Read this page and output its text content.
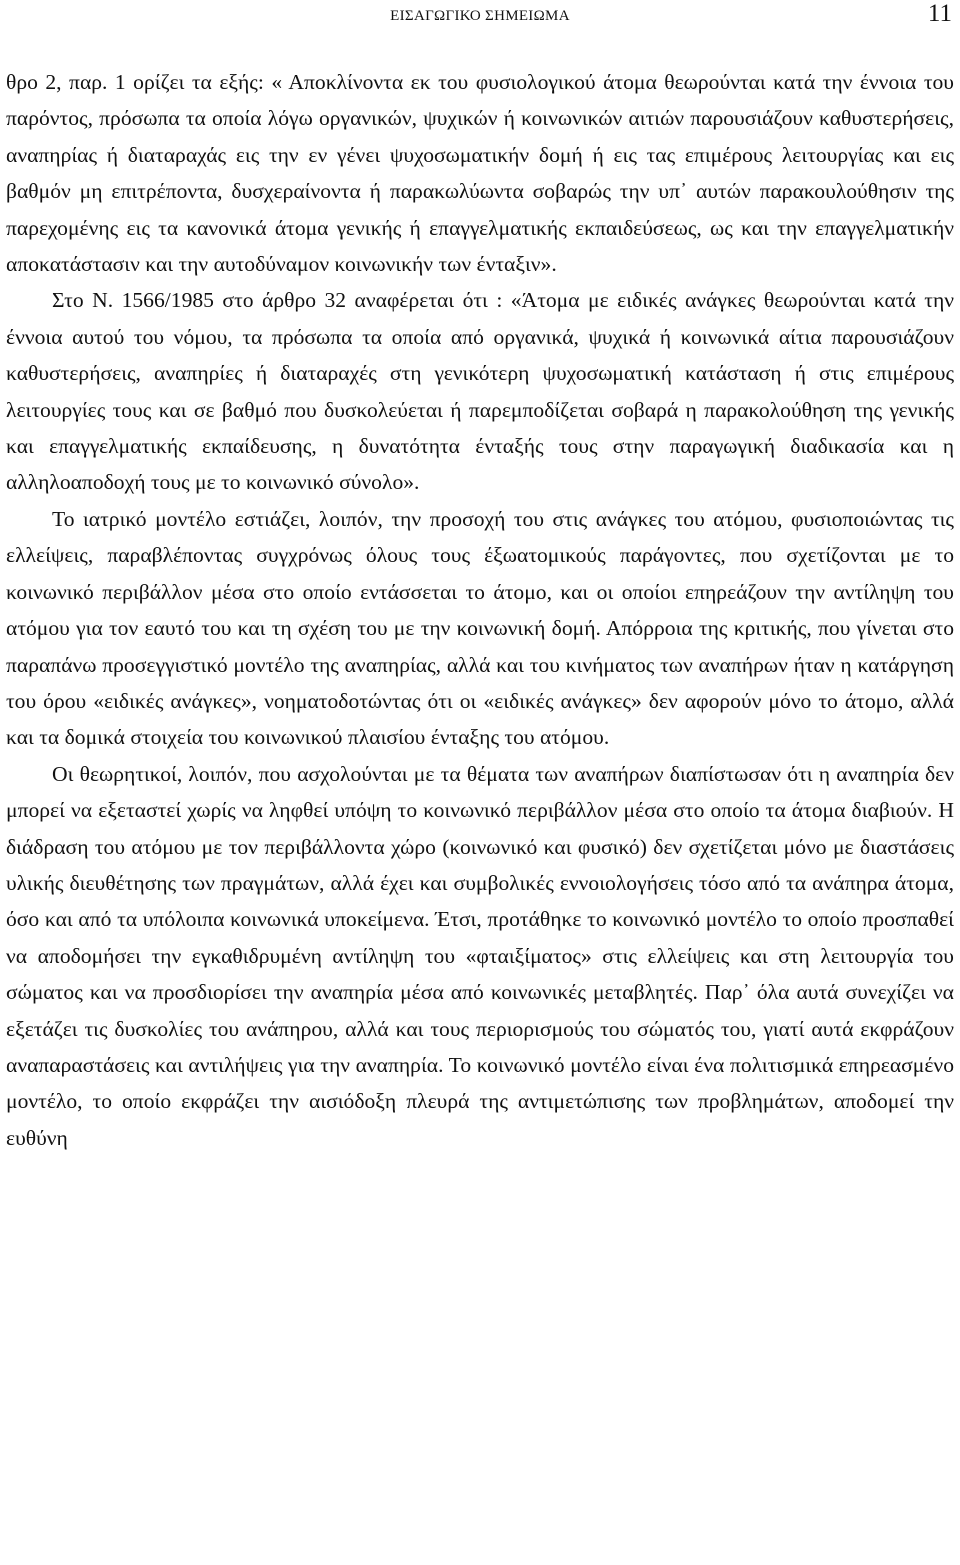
ΕΙΣΑΓΩΓΙΚΟ ΣΗΜΕΙΩΜΑ	11

θρο 2, παρ. 1 ορίζει τα εξής: « Αποκλίνοντα εκ του φυσιολογικού άτομα θεωρούνται κατά την έννοια του παρόντος, πρόσωπα τα οποία λόγω οργανικών, ψυχικών ή κοινωνικών αιτιών παρουσιάζουν καθυστερήσεις, αναπηρίας ή διαταραχάς εις την εν γένει ψυχοσωματικήν δομή ή εις τας επιμέρους λειτουργίας και εις βαθμόν μη επιτρέποντα, δυσχεραίνοντα ή παρακωλύωντα σοβαρώς την υπ᾽ αυτών παρακουλούθησιν της παρεχομένης εις τα κανονικά άτομα γενικής ή επαγγελματικής εκπαιδεύσεως, ως και την επαγγελματικήν αποκατάστασιν και την αυτοδύναμον κοινωνικήν των ένταξιν».

Στο Ν. 1566/1985 στο άρθρο 32 αναφέρεται ότι : «Άτομα με ειδικές ανάγκες θεωρούνται κατά την έννοια αυτού του νόμου, τα πρόσωπα τα οποία από οργανικά, ψυχικά ή κοινωνικά αίτια παρουσιάζουν καθυστερήσεις, αναπηρίες ή διαταραχές στη γενικότερη ψυχοσωματική κατάσταση ή στις επιμέρους λειτουργίες τους και σε βαθμό που δυσκολεύεται ή παρεμποδίζεται σοβαρά η παρακολούθηση της γενικής και επαγγελματικής εκπαίδευσης, η δυνατότητα ένταξής τους στην παραγωγική διαδικασία και η αλληλοαποδοχή τους με το κοινωνικό σύνολο».

Το ιατρικό μοντέλο εστιάζει, λοιπόν, την προσοχή του στις ανάγκες του ατόμου, φυσιοποιώντας τις ελλείψεις, παραβλέποντας συγχρόνως όλους τους έξωατομικούς παράγοντες, που σχετίζονται με το κοινωνικό περιβάλλον μέσα στο οποίο εντάσσεται το άτομο, και οι οποίοι επηρεάζουν την αντίληψη του ατόμου για τον εαυτό του και τη σχέση του με την κοινωνική δομή. Απόρροια της κριτικής, που γίνεται στο παραπάνω προσεγγιστικό μοντέλο της αναπηρίας, αλλά και του κινήματος των αναπήρων ήταν η κατάργηση του όρου «ειδικές ανάγκες», νοηματοδοτώντας ότι οι «ειδικές ανάγκες» δεν αφορούν μόνο το άτομο, αλλά και τα δομικά στοιχεία του κοινωνικού πλαισίου ένταξης του ατόμου.

Οι θεωρητικοί, λοιπόν, που ασχολούνται με τα θέματα των αναπήρων διαπίστωσαν ότι η αναπηρία δεν μπορεί να εξεταστεί χωρίς να ληφθεί υπόψη το κοινωνικό περιβάλλον μέσα στο οποίο τα άτομα διαβιούν. Η διάδραση του ατόμου με τον περιβάλλοντα χώρο (κοινωνικό και φυσικό) δεν σχετίζεται μόνο με διαστάσεις υλικής διευθέτησης των πραγμάτων, αλλά έχει και συμβολικές εννοιολογήσεις τόσο από τα ανάπηρα άτομα, όσο και από τα υπόλοιπα κοινωνικά υποκείμενα. Έτσι, προτάθηκε το κοινωνικό μοντέλο το οποίο προσπαθεί να αποδομήσει την εγκαθιδρυμένη αντίληψη του «φταιξίματος» στις ελλείψεις και στη λειτουργία του σώματος και να προσδιορίσει την αναπηρία μέσα από κοινωνικές μεταβλητές. Παρ᾽ όλα αυτά συνεχίζει να εξετάζει τις δυσκολίες του ανάπηρου, αλλά και τους περιορισμούς του σώματός του, γιατί αυτά εκφράζουν αναπαραστάσεις και αντιλήψεις για την αναπηρία. Το κοινωνικό μοντέλο είναι ένα πολιτισμικά επηρεασμένο μοντέλο, το οποίο εκφράζει την αισιόδοξη πλευρά της αντιμετώπισης των προβλημάτων, αποδομεί την ευθύνη
